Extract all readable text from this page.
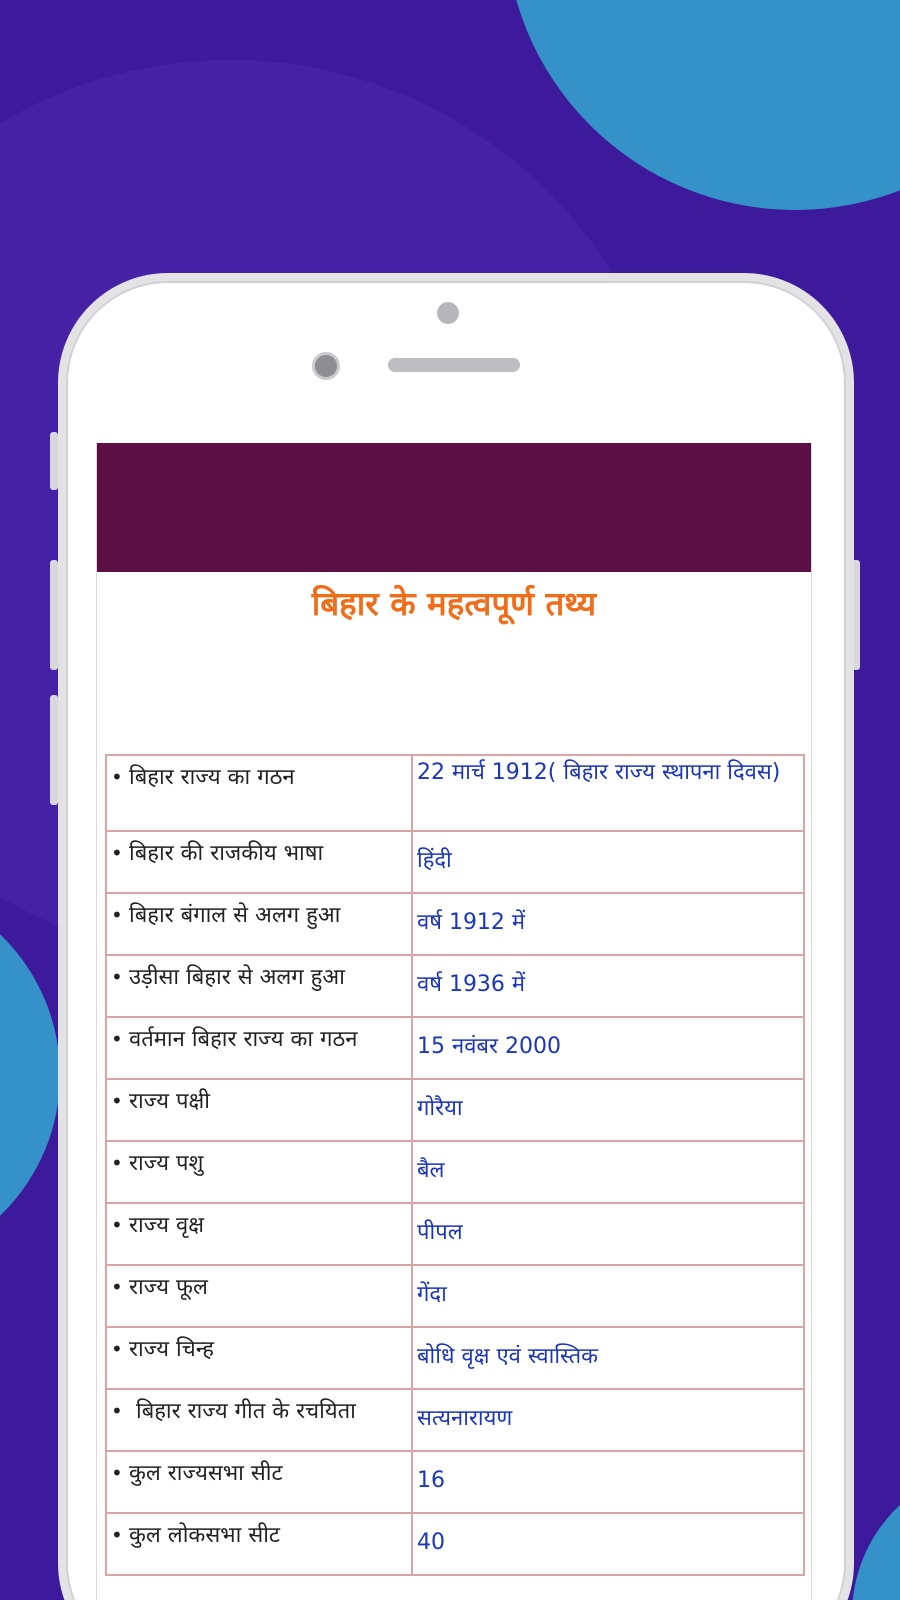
बिहार के महत्वपूर्ण तथ्य
• बिहार राज्य का गठन	22 मार्च 1912( बिहार राज्य स्थापना दिवस)
• बिहार की राजकीय भाषा	हिंदी
• बिहार बंगाल से अलग हुआ	वर्ष 1912 में
• उड़ीसा बिहार से अलग हुआ	वर्ष 1936 में
• वर्तमान बिहार राज्य का गठन	15 नवंबर 2000
• राज्य पक्षी	गोरैया
• राज्य पशु	बैल
• राज्य वृक्ष	पीपल
• राज्य फूल	गेंदा
• राज्य चिन्ह	बोधि वृक्ष एवं स्वास्तिक
• बिहार राज्य गीत के रचयिता	सत्यनारायण
• कुल राज्यसभा सीट	16
• कुल लोकसभा सीट	40
